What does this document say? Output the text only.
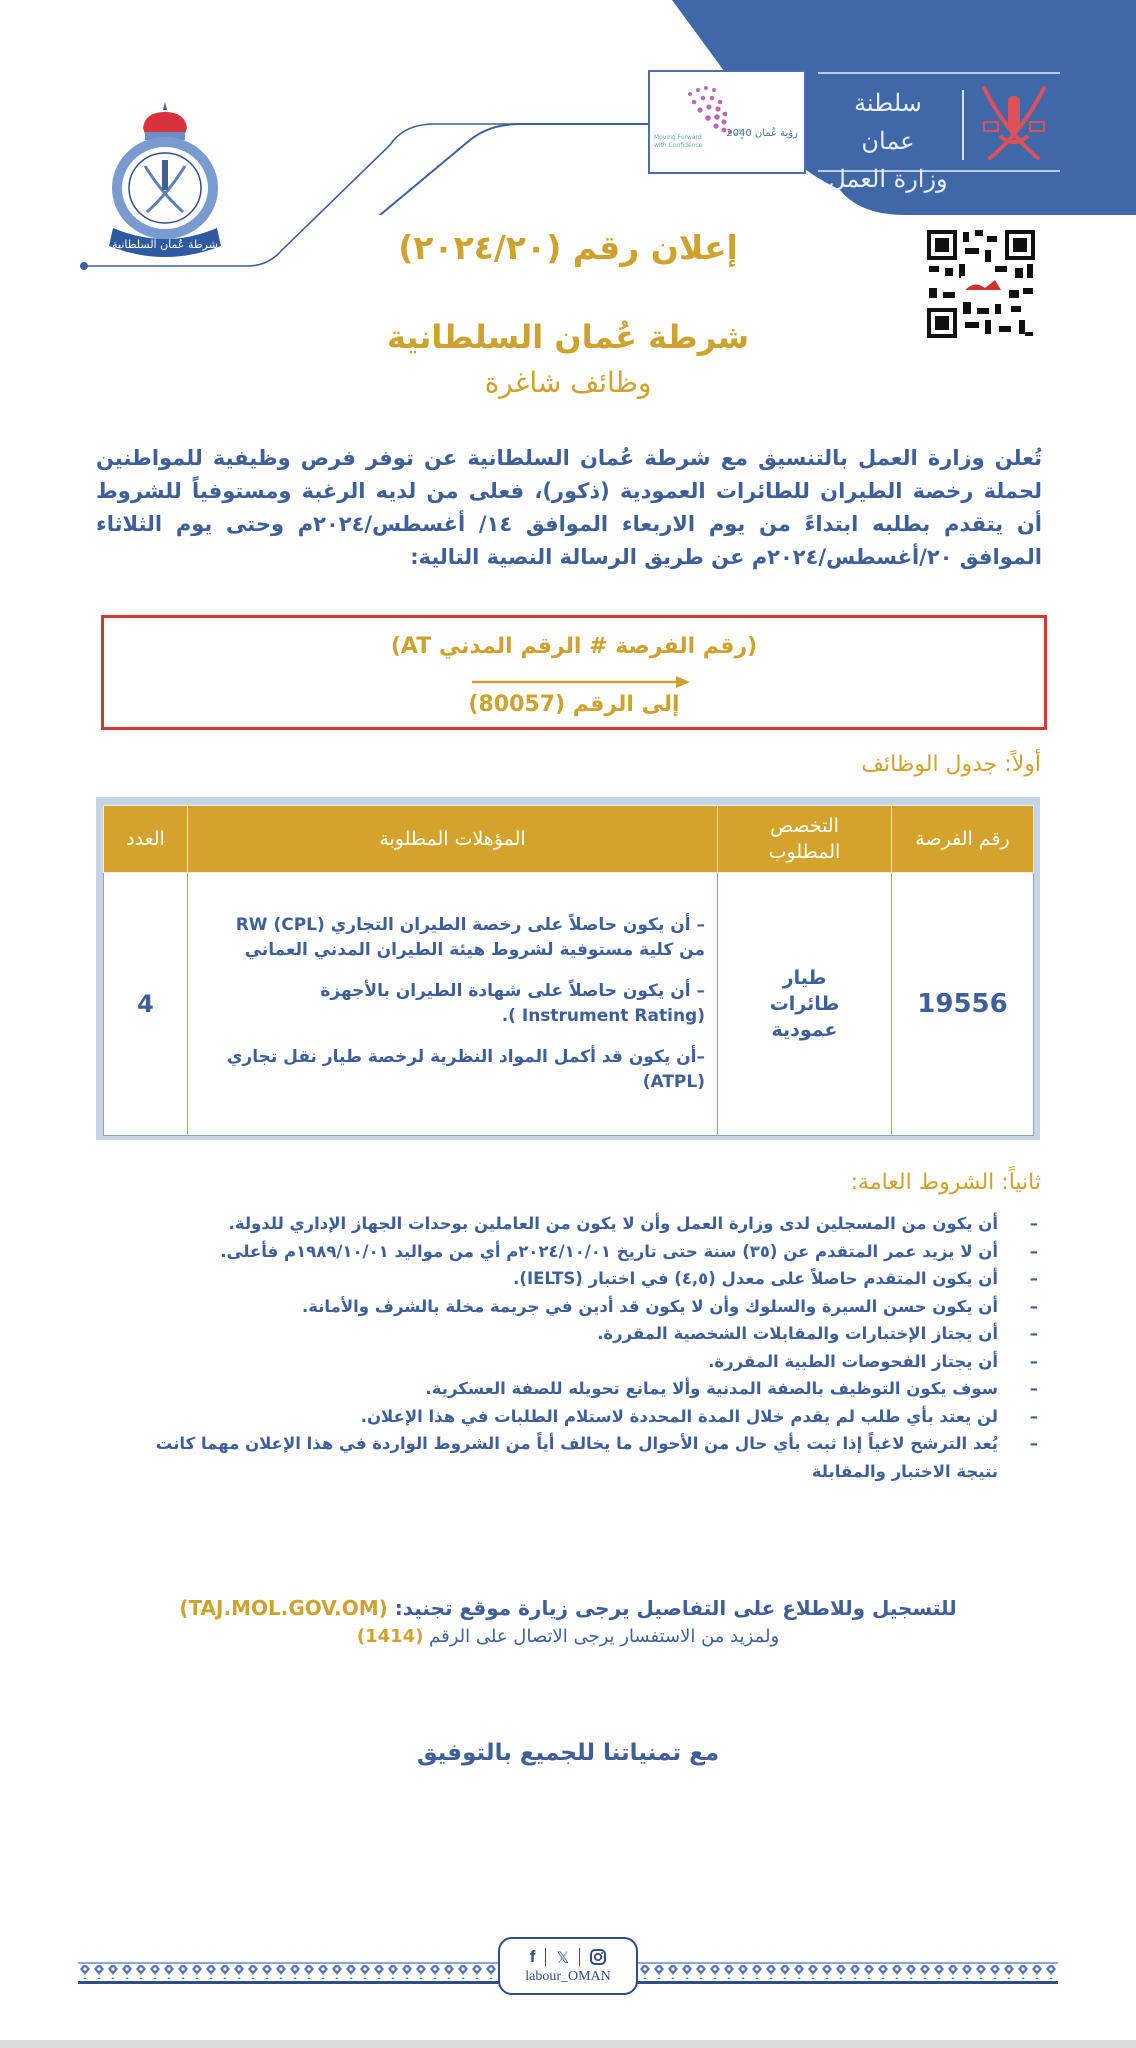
رؤية عُمان 2040
Moving Forward with Confidence
سلطنة عمان
وزارة العمل
شرطة عُمان السلطانية	إعلان رقم (٢٠٢٤/٢٠)
شرطة عُمان السلطانية
وظائف شاغرة

تُعلن وزارة العمل بالتنسيق مع شرطة عُمان السلطانية عن توفر فرص وظيفية للمواطنين لحملة رخصة الطيران للطائرات العمودية (ذكور)، فعلى من لديه الرغبة ومستوفياً للشروط أن يتقدم بطلبه ابتداءً من يوم الاربعاء الموافق ١٤/ أغسطس/٢٠٢٤م وحتى يوم الثلاثاء الموافق ٢٠/أغسطس/٢٠٢٤م عن طريق الرسالة النصية التالية:

(رقم الفرصة # الرقم المدني AT)
إلى الرقم (80057)
أولاً: جدول الوظائف
رقم الفرصة	التخصص المطلوب	المؤهلات المطلوبة	العدد
19556	طيار طائرات عمودية	– أن يكون حاصلاً على رخصة الطيران التجاري RW (CPL) من كلية مستوفية لشروط هيئة الطيران المدني العماني

– أن يكون حاصلاً على شهادة الطيران بالأجهزة (Instrument Rating ).

–أن يكون قد أكمل المواد النظرية لرخصة طيار نقل تجاري (ATPL)	4
ثانياً: الشروط العامة:
– أن يكون من المسجلين لدى وزارة العمل وأن لا يكون من العاملين بوحدات الجهاز الإداري للدولة.
– أن لا يزيد عمر المتقدم عن (٣٥) سنة حتى تاريخ ٢٠٢٤/١٠/٠١م أي من مواليد ١٩٨٩/١٠/٠١م فأعلى.
– أن يكون المتقدم حاصلاً على معدل (٤,٥) في اختبار (IELTS).
– أن يكون حسن السيرة والسلوك وأن لا يكون قد أدين في جريمة مخلة بالشرف والأمانة.
– أن يجتاز الإختبارات والمقابلات الشخصية المقررة.
– أن يجتاز الفحوصات الطبية المقررة.
– سوف يكون التوظيف بالصفة المدنية وألا يمانع تحويله للصفة العسكرية.
– لن يعتد بأي طلب لم يقدم خلال المدة المحددة لاستلام الطلبات في هذا الإعلان.
– يُعد الترشح لاغياً إذا ثبت بأي حال من الأحوال ما يخالف أياً من الشروط الواردة في هذا الإعلان مهما كانت نتيجة الاختبار والمقابلة
للتسجيل وللاطلاع على التفاصيل يرجى زيارة موقع تجنيد: (TAJ.MOL.GOV.OM)
ولمزيد من الاستفسار يرجى الاتصال على الرقم (1414)
مع تمنياتنا للجميع بالتوفيق
f 𝕏
labour_OMAN
